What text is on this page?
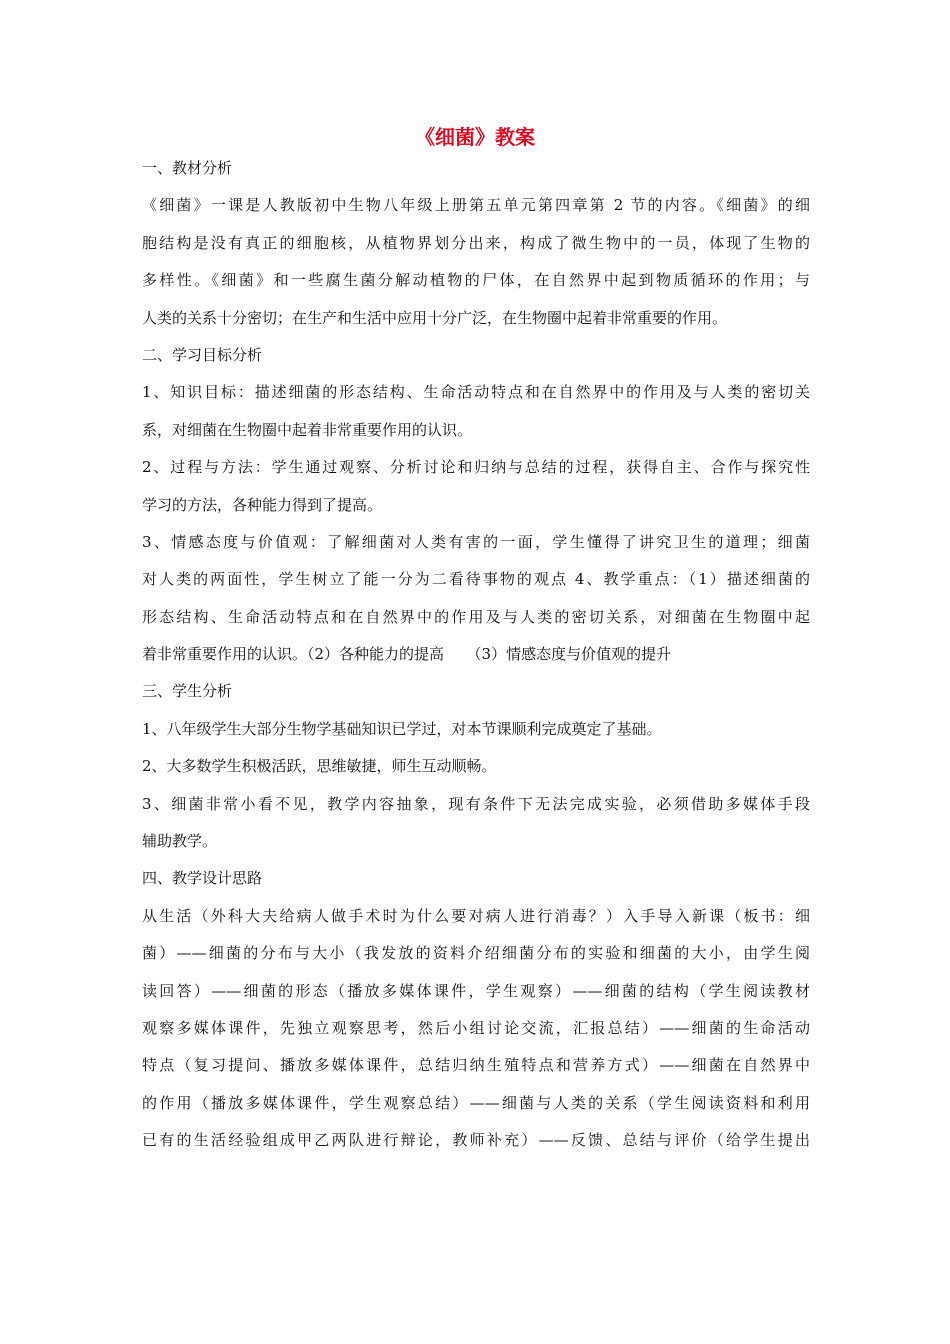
《细菌》教案
一、教材分析
《细菌》一课是人教版初中生物八年级上册第五单元第四章第 2 节的内容。《细菌》的细
胞结构是没有真正的细胞核，从植物界划分出来，构成了微生物中的一员，体现了生物的
多样性。《细菌》和一些腐生菌分解动植物的尸体，在自然界中起到物质循环的作用；与
人类的关系十分密切；在生产和生活中应用十分广泛，在生物圈中起着非常重要的作用。
二、学习目标分析
1、知识目标：描述细菌的形态结构、生命活动特点和在自然界中的作用及与人类的密切关
系，对细菌在生物圈中起着非常重要作用的认识。
2、过程与方法：学生通过观察、分析讨论和归纳与总结的过程，获得自主、合作与探究性
学习的方法，各种能力得到了提高。
3、情感态度与价值观：了解细菌对人类有害的一面，学生懂得了讲究卫生的道理；细菌
对人类的两面性，学生树立了能一分为二看待事物的观点 4、教学重点：（1）描述细菌的
形态结构、生命活动特点和在自然界中的作用及与人类的密切关系，对细菌在生物圈中起
着非常重要作用的认识。（2）各种能力的提高　　（3）情感态度与价值观的提升
三、学生分析
1、八年级学生大部分生物学基础知识已学过，对本节课顺利完成奠定了基础。
2、大多数学生积极活跃，思维敏捷，师生互动顺畅。
3、细菌非常小看不见，教学内容抽象，现有条件下无法完成实验，必须借助多媒体手段
辅助教学。
四、教学设计思路
从生活（外科大夫给病人做手术时为什么要对病人进行消毒？）入手导入新课（板书：细
菌）——细菌的分布与大小（我发放的资料介绍细菌分布的实验和细菌的大小，由学生阅
读回答）——细菌的形态（播放多媒体课件，学生观察）——细菌的结构（学生阅读教材
观察多媒体课件，先独立观察思考，然后小组讨论交流，汇报总结）——细菌的生命活动
特点（复习提问、播放多媒体课件，总结归纳生殖特点和营养方式）——细菌在自然界中
的作用（播放多媒体课件，学生观察总结）——细菌与人类的关系（学生阅读资料和利用
已有的生活经验组成甲乙两队进行辩论，教师补充）——反馈、总结与评价（给学生提出
